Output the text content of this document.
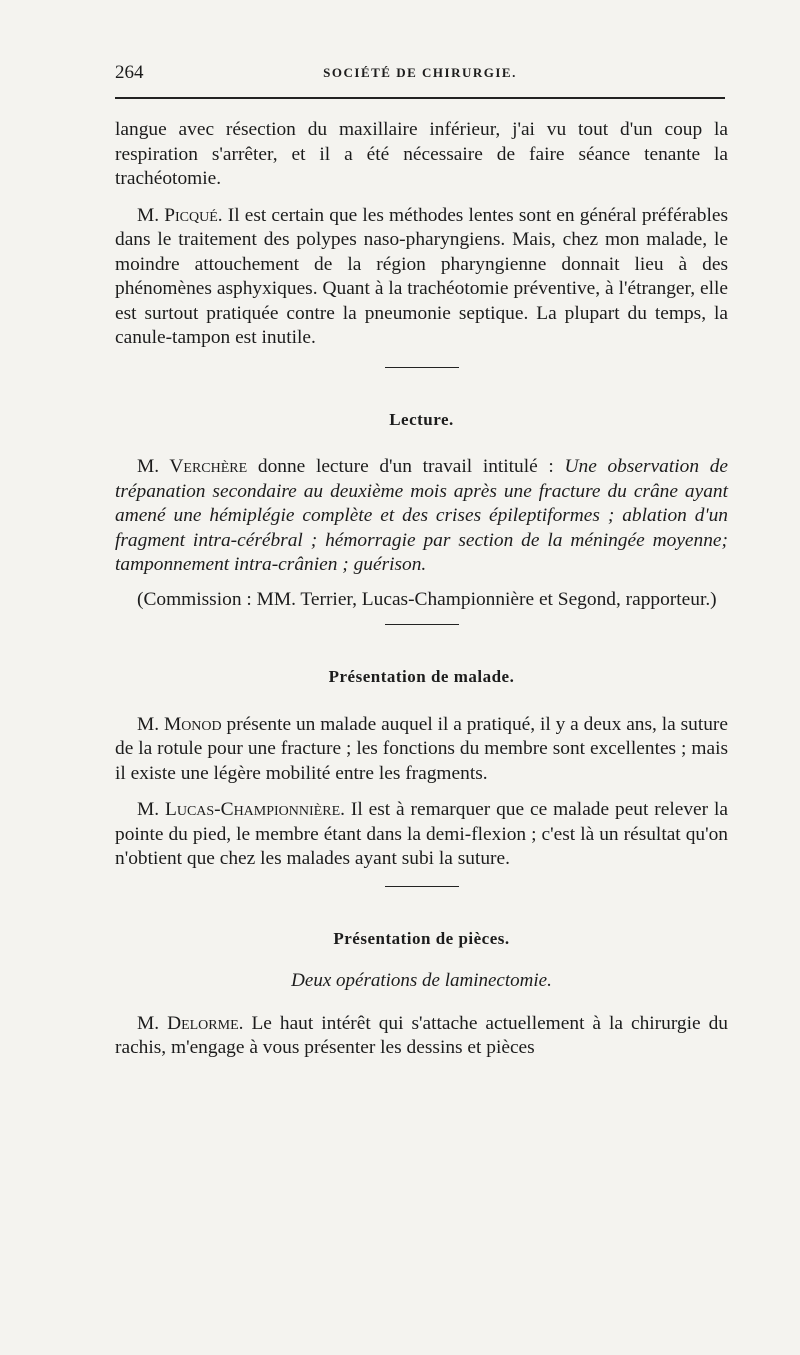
264	SOCIÉTÉ DE CHIRURGIE.

langue avec résection du maxillaire inférieur, j'ai vu tout d'un coup la respiration s'arrêter, et il a été nécessaire de faire séance tenante la trachéotomie.

M. Picqué. Il est certain que les méthodes lentes sont en général préférables dans le traitement des polypes naso-pharyngiens. Mais, chez mon malade, le moindre attouchement de la région pharyngienne donnait lieu à des phénomènes asphyxiques. Quant à la trachéotomie préventive, à l'étranger, elle est surtout pratiquée contre la pneumonie septique. La plupart du temps, la canule-tampon est inutile.

Lecture.

M. Verchère donne lecture d'un travail intitulé : Une observation de trépanation secondaire au deuxième mois après une fracture du crâne ayant amené une hémiplégie complète et des crises épileptiformes ; ablation d'un fragment intra-cérébral ; hémorragie par section de la méningée moyenne; tamponnement intra-crânien ; guérison.

(Commission : MM. Terrier, Lucas-Championnière et Segond, rapporteur.)

Présentation de malade.

M. Monod présente un malade auquel il a pratiqué, il y a deux ans, la suture de la rotule pour une fracture ; les fonctions du membre sont excellentes ; mais il existe une légère mobilité entre les fragments.

M. Lucas-Championnière. Il est à remarquer que ce malade peut relever la pointe du pied, le membre étant dans la demi-flexion ; c'est là un résultat qu'on n'obtient que chez les malades ayant subi la suture.

Présentation de pièces.
Deux opérations de laminectomie.

M. Delorme. Le haut intérêt qui s'attache actuellement à la chirurgie du rachis, m'engage à vous présenter les dessins et pièces
